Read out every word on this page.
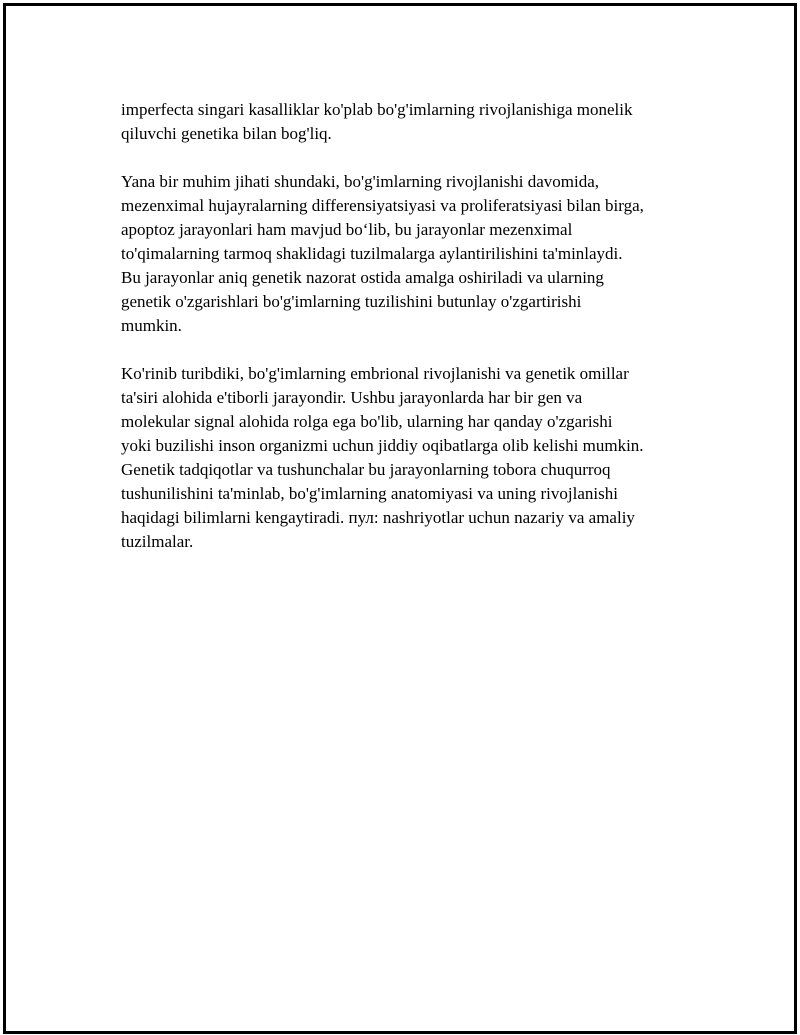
imperfecta singari kasalliklar ko'plab bo'g'imlarning rivojlanishiga monelik
qiluvchi genetika bilan bog'liq.

Yana bir muhim jihati shundaki, bo'g'imlarning rivojlanishi davomida,
mezenximal hujayralarning differensiyatsiyasi va proliferatsiyasi bilan birga,
apoptoz jarayonlari ham mavjud bo‘lib, bu jarayonlar mezenximal
to'qimalarning tarmoq shaklidagi tuzilmalarga aylantirilishini ta'minlaydi.
Bu jarayonlar aniq genetik nazorat ostida amalga oshiriladi va ularning
genetik o'zgarishlari bo'g'imlarning tuzilishini butunlay o'zgartirishi
mumkin.

Ko'rinib turibdiki, bo'g'imlarning embrional rivojlanishi va genetik omillar
ta'siri alohida e'tiborli jarayondir. Ushbu jarayonlarda har bir gen va
molekular signal alohida rolga ega bo'lib, ularning har qanday o'zgarishi
yoki buzilishi inson organizmi uchun jiddiy oqibatlarga olib kelishi mumkin.
Genetik tadqiqotlar va tushunchalar bu jarayonlarning tobora chuqurroq
tushunilishini ta'minlab, bo'g'imlarning anatomiyasi va uning rivojlanishi
haqidagi bilimlarni kengaytiradi. пул: nashriyotlar uchun nazariy va amaliy
tuzilmalar.
